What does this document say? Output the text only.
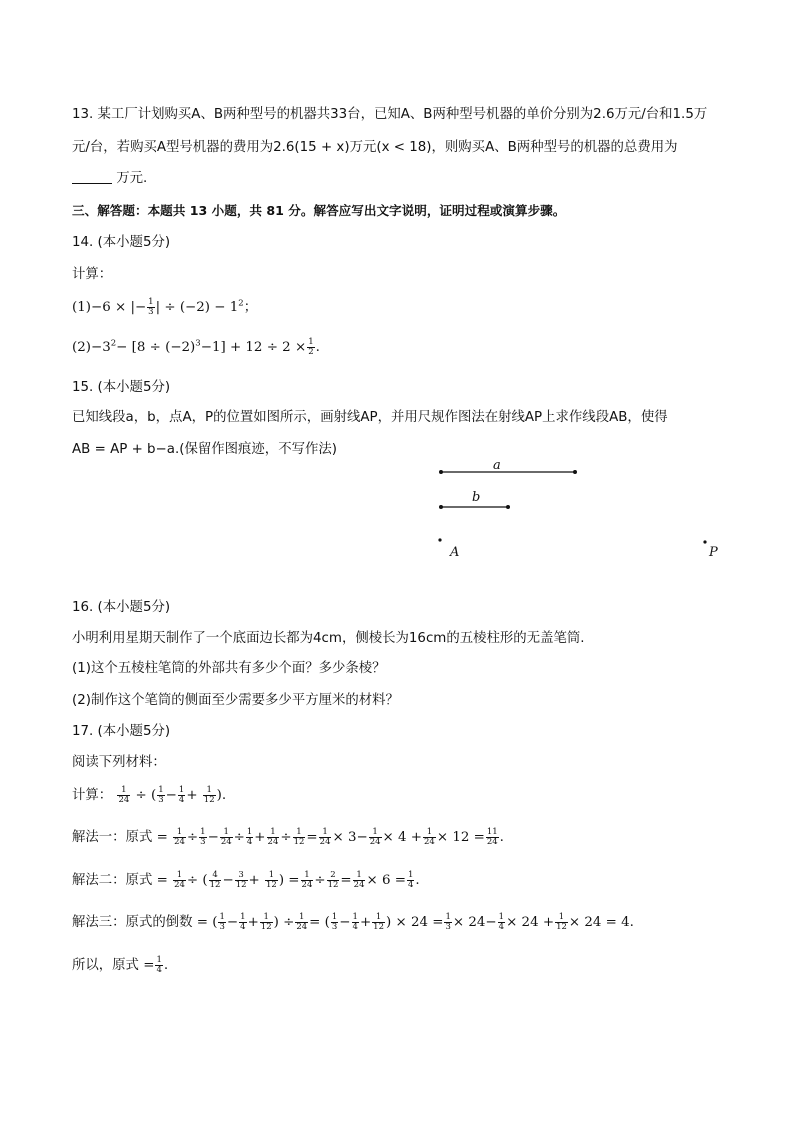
13. 某工厂计划购买A、B两种型号的机器共33台，已知A、B两种型号机器的单价分别为2.6万元/台和1.5万
元/台，若购买A型号机器的费用为2.6(15 + x)万元(x < 18)，则购买A、B两种型号的机器的总费用为
万元.
三、解答题：本题共 13 小题，共 81 分。解答应写出文字说明，证明过程或演算步骤。
14. (本小题5分)
计算：
(1)−6 × |− $\frac{1}{3}$ | ÷ $(-2) - 1^2$；
$(2)-3^2- [8 \div (-2)^3-1] + 12 \div 2 \times \frac{1}{2}$ .
15. (本小题5分)
已知线段a，b，点A，P的位置如图所示，画射线AP，并用尺规作图法在射线AP上求作线段AB，使得
AB = AP + b−a.(保留作图痕迹，不写作法)
a
b
A	P
16. (本小题5分)
小明利用星期天制作了一个底面边长都为4cm，侧棱长为16cm的五棱柱形的无盖笔筒.
(1)这个五棱柱笔筒的外部共有多少个面？多少条棱？
(2)制作这个笔筒的侧面至少需要多少平方厘米的材料？
17. (本小题5分)
阅读下列材料：
计算： $\frac{1}{24}$ ÷ ( $\frac{1}{3} - \frac{1}{4} + \frac{1}{12}$ ).
解法一：原式 = $\frac{1}{24} \div \frac{1}{3} - \frac{1}{24} \div \frac{1}{4} + \frac{1}{24} \div \frac{1}{12} = \frac{1}{24} \times 3- \frac{1}{24} \times 4 + \frac{1}{24} \times 12 = \frac{11}{24}$ .
解法二：原式 = $\frac{1}{24}$ ÷ ( $\frac{4}{12} - \frac{3}{12} + \frac{1}{12}$ ) = $\frac{1}{24} \div \frac{2}{12} = \frac{1}{24} \times 6 = \frac{1}{4}$ .
解法三：原式的倒数 = ( $\frac{1}{3} - \frac{1}{4} + \frac{1}{12}$ ) ÷ $\frac{1}{24}$ = ( $\frac{1}{3} - \frac{1}{4} + \frac{1}{12}$ ) × $24 = \frac{1}{3} \times 24- \frac{1}{4} \times 24 + \frac{1}{12} \times 24 = 4$.
所以，原式 = $\frac{1}{4}$ .
